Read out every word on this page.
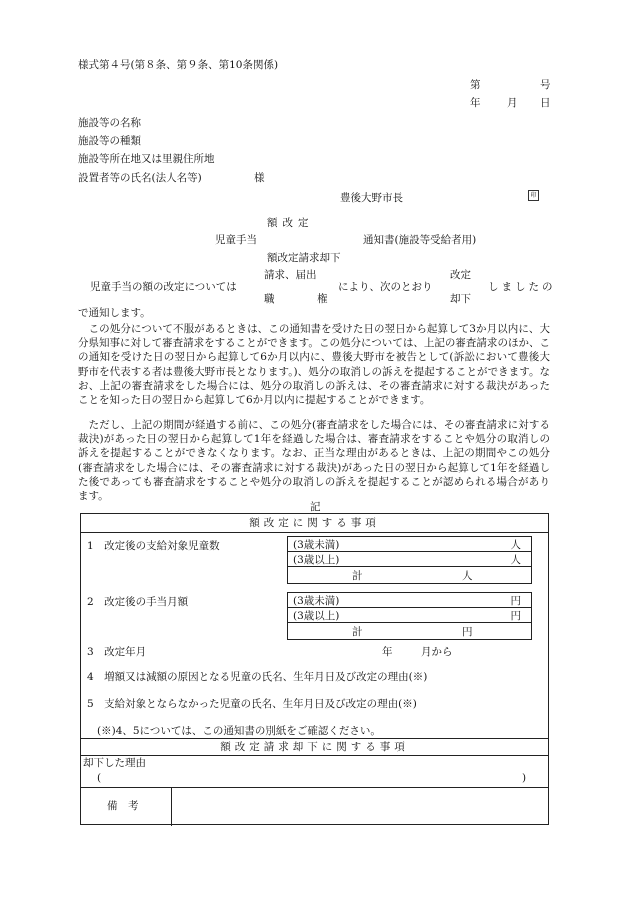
様式第４号(第８条、第９条、第10条関係)
第	号
年	月 日
施設等の名称
施設等の種類
施設等所在地又は里親住所地
設置者等の氏名(法人名等)	様
豊後大野市長	印
児童手当
額改定
額改定請求却下
通知書(施設等受給者用)
児童手当の額の改定については
請求、届出
職	権
により、次のとおり
改定
却下
しましたの
で通知します。
　この処分について不服があるときは、この通知書を受けた日の翌日から起算して3か月以内に、大分県知事に対して審査請求をすることができます。この処分については、上記の審査請求のほか、この通知を受けた日の翌日から起算して6か月以内に、豊後大野市を被告として(訴訟において豊後大野市を代表する者は豊後大野市長となります。)、処分の取消しの訴えを提起することができます。なお、上記の審査請求をした場合には、処分の取消しの訴えは、その審査請求に対する裁決があったことを知った日の翌日から起算して6か月以内に提起することができます。
　ただし、上記の期間が経過する前に、この処分(審査請求をした場合には、その審査請求に対する裁決)があった日の翌日から起算して1年を経過した場合は、審査請求をすることや処分の取消しの訴えを提起することができなくなります。なお、正当な理由があるときは、上記の期間やこの処分(審査請求をした場合には、その審査請求に対する裁決)があった日の翌日から起算して1年を経過した後であっても審査請求をすることや処分の取消しの訴えを提起することが認められる場合があります。
記
額改定に関する事項
1　改定後の支給対象児童数	(3歳未満)	人
(3歳以上)	人
計	人
2　改定後の手当月額	(3歳未満)	円
(3歳以上)	円
計	円
3　改定年月	年	月から
4　増額又は減額の原因となる児童の氏名、生年月日及び改定の理由(※)
5　支給対象とならなかった児童の氏名、生年月日及び改定の理由(※)
(※)4、5については、この通知書の別紙をご確認ください。
額改定請求却下に関する事項
却下した理由
(	)
備　考
